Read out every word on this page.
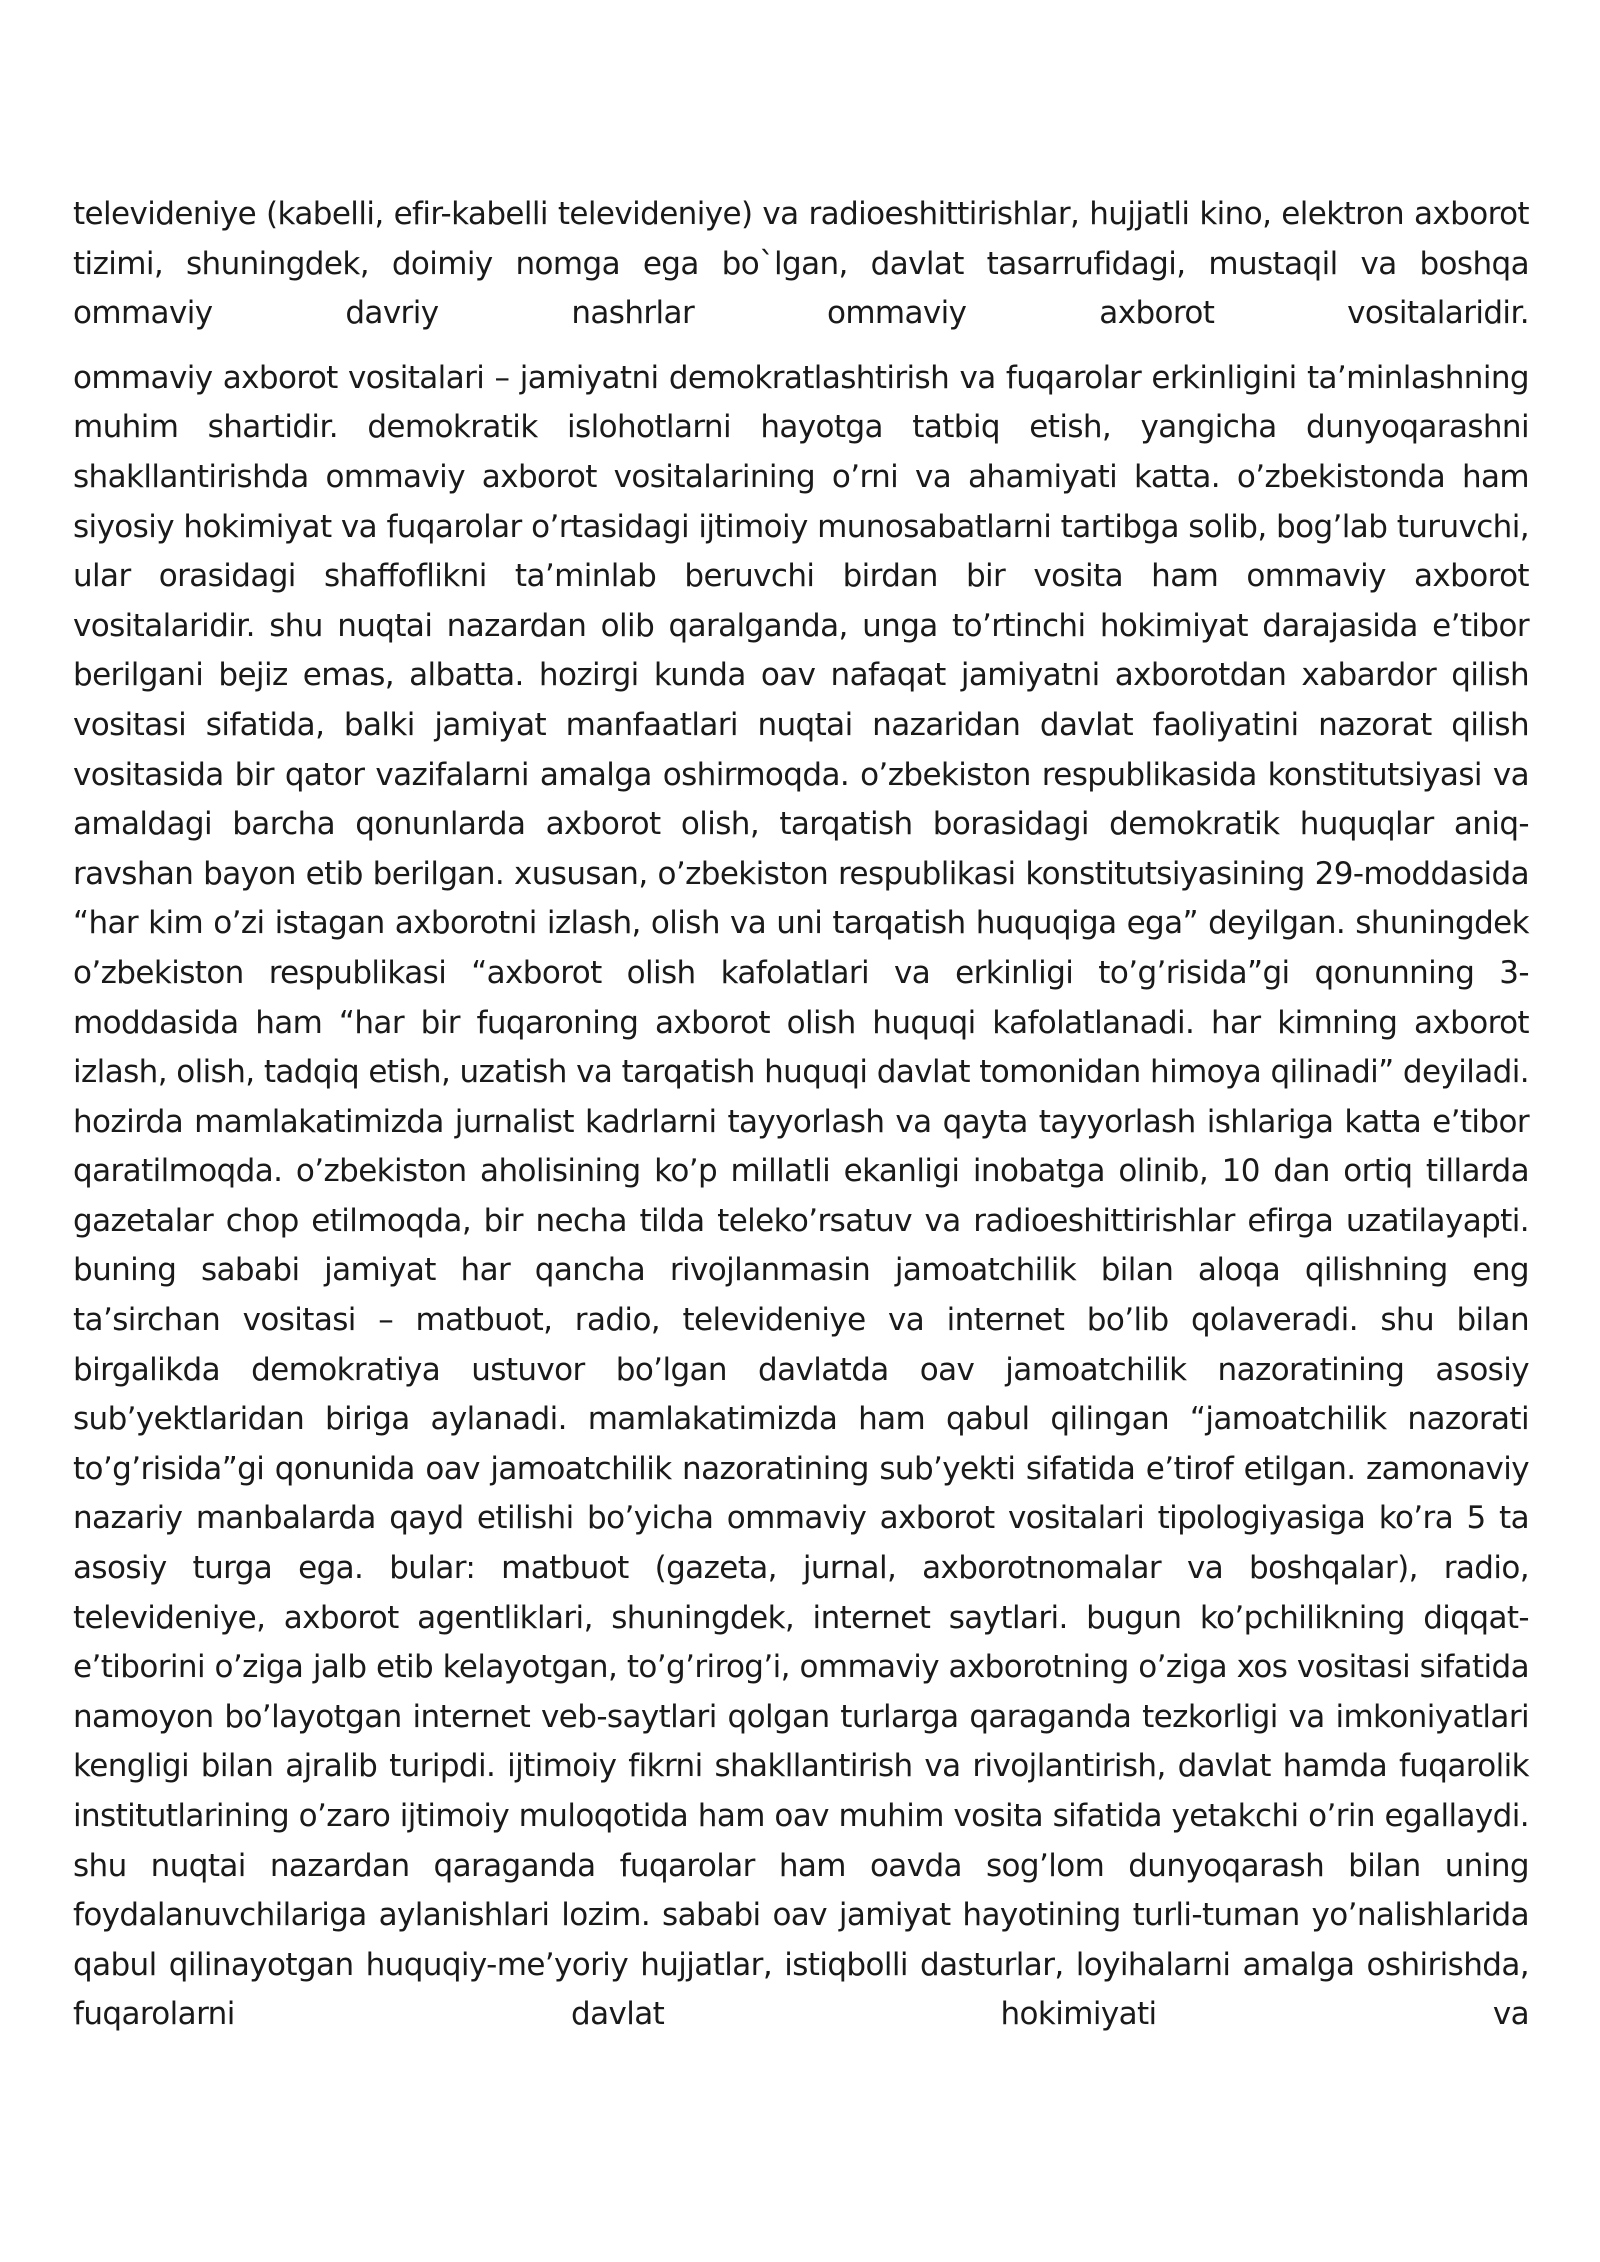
televideniye (kabelli, efir-kabelli televideniye) va radioeshittirishlar, hujjatli kino, elektron axborot tizimi, shuningdek, doimiy nomga ega bo`lgan, davlat tasarrufidagi, mustaqil va boshqa ommaviy davriy nashrlar ommaviy axborot vositalaridir.

ommaviy axborot vositalari – jamiyatni demokratlashtirish va fuqarolar erkinligini ta’minlashning muhim shartidir. demokratik islohotlarni hayotga tatbiq etish, yangicha dunyoqarashni shakllantirishda ommaviy axborot vositalarining o’rni va ahamiyati katta. o’zbekistonda ham siyosiy hokimiyat va fuqarolar o’rtasidagi ijtimoiy munosabatlarni tartibga solib, bog’lab turuvchi, ular orasidagi shaffoflikni ta’minlab beruvchi birdan bir vosita ham ommaviy axborot vositalaridir. shu nuqtai nazardan olib qaralganda, unga to’rtinchi hokimiyat darajasida e’tibor berilgani bejiz emas, albatta. hozirgi kunda oav nafaqat jamiyatni axborotdan xabardor qilish vositasi sifatida, balki jamiyat manfaatlari nuqtai nazaridan davlat faoliyatini nazorat qilish vositasida bir qator vazifalarni amalga oshirmoqda. o’zbekiston respublikasida konstitutsiyasi va amaldagi barcha qonunlarda axborot olish, tarqatish borasidagi demokratik huquqlar aniq-ravshan bayon etib berilgan. xususan, o’zbekiston respublikasi konstitutsiyasining 29-moddasida “har kim o’zi istagan axborotni izlash, olish va uni tarqatish huquqiga ega” deyilgan. shuningdek o’zbekiston respublikasi “axborot olish kafolatlari va erkinligi to’g’risida”gi qonunning 3-moddasida ham “har bir fuqaroning axborot olish huquqi kafolatlanadi. har kimning axborot izlash, olish, tadqiq etish, uzatish va tarqatish huquqi davlat tomonidan himoya qilinadi” deyiladi. hozirda mamlakatimizda jurnalist kadrlarni tayyorlash va qayta tayyorlash ishlariga katta e’tibor qaratilmoqda. o’zbekiston aholisining ko’p millatli ekanligi inobatga olinib, 10 dan ortiq tillarda gazetalar chop etilmoqda, bir necha tilda teleko’rsatuv va radioeshittirishlar efirga uzatilayapti. buning sababi jamiyat har qancha rivojlanmasin jamoatchilik bilan aloqa qilishning eng ta’sirchan vositasi – matbuot, radio, televideniye va internet bo’lib qolaveradi. shu bilan birgalikda demokratiya ustuvor bo’lgan davlatda oav jamoatchilik nazoratining asosiy sub’yektlaridan biriga aylanadi. mamlakatimizda ham qabul qilingan “jamoatchilik nazorati to’g’risida”gi qonunida oav jamoatchilik nazoratining sub’yekti sifatida e’tirof etilgan. zamonaviy nazariy manbalarda qayd etilishi bo’yicha ommaviy axborot vositalari tipologiyasiga ko’ra 5 ta asosiy turga ega. bular: matbuot (gazeta, jurnal, axborotnomalar va boshqalar), radio, televideniye, axborot agentliklari, shuningdek, internet saytlari. bugun ko’pchilikning diqqat-e’tiborini o’ziga jalb etib kelayotgan, to’g’rirog’i, ommaviy axborotning o’ziga xos vositasi sifatida namoyon bo’layotgan internet veb-saytlari qolgan turlarga qaraganda tezkorligi va imkoniyatlari kengligi bilan ajralib turipdi. ijtimoiy fikrni shakllantirish va rivojlantirish, davlat hamda fuqarolik institutlarining o’zaro ijtimoiy muloqotida ham oav muhim vosita sifatida yetakchi o’rin egallaydi. shu nuqtai nazardan qaraganda fuqarolar ham oavda sog’lom dunyoqarash bilan uning foydalanuvchilariga aylanishlari lozim. sababi oav jamiyat hayotining turli-tuman yo’nalishlarida qabul qilinayotgan huquqiy-me’yoriy hujjatlar, istiqbolli dasturlar, loyihalarni amalga oshirishda, fuqarolarni davlat hokimiyati va
